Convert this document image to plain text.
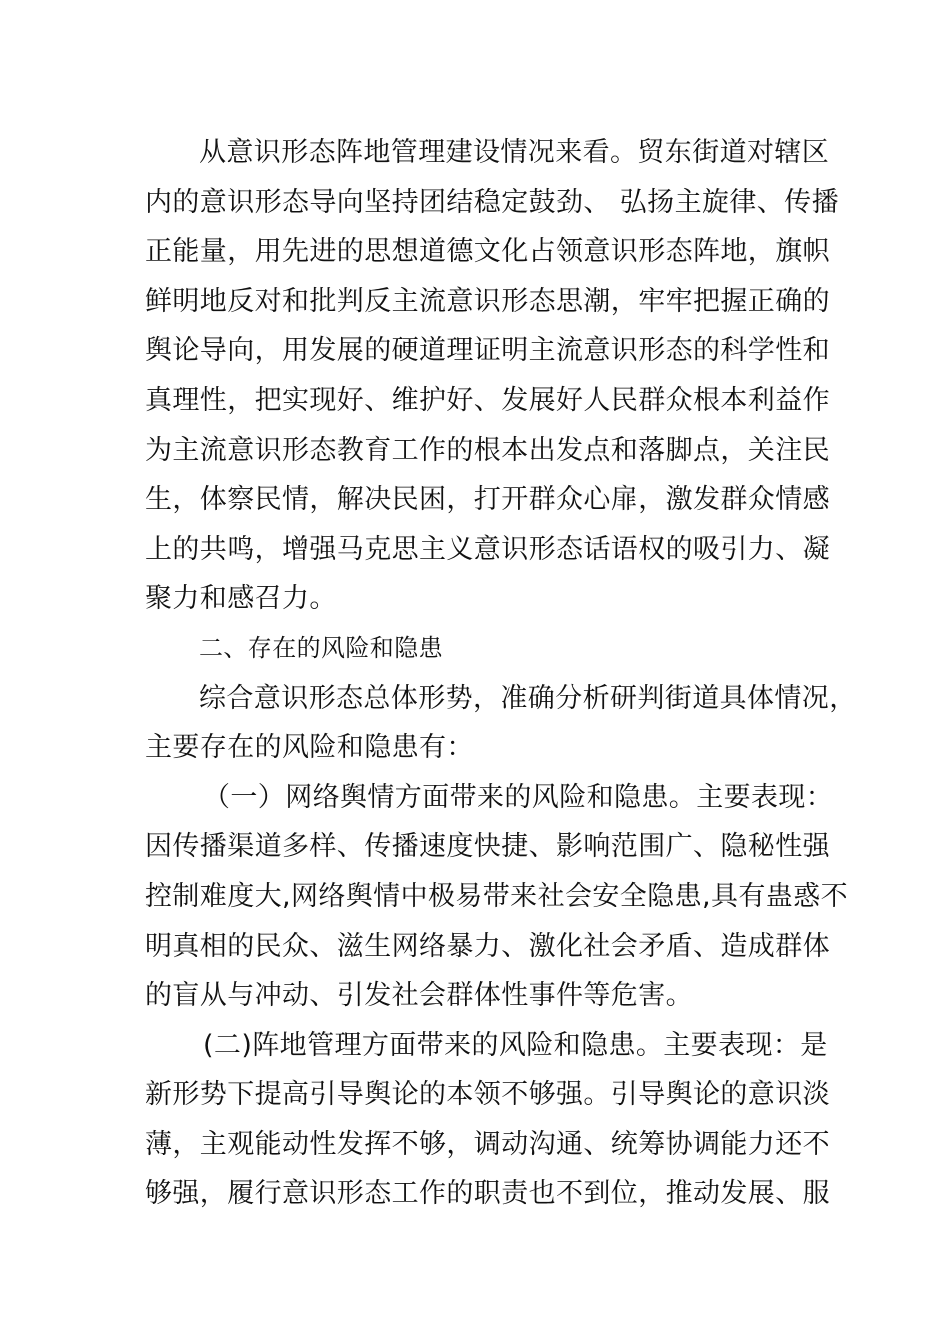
从意识形态阵地管理建设情况来看。贸东街道对辖区
内的意识形态导向坚持团结稳定鼓劲、 弘扬主旋律、传播
正能量，用先进的思想道德文化占领意识形态阵地，旗帜
鲜明地反对和批判反主流意识形态思潮，牢牢把握正确的
舆论导向，用发展的硬道理证明主流意识形态的科学性和
真理性，把实现好、维护好、发展好人民群众根本利益作
为主流意识形态教育工作的根本出发点和落脚点，关注民
生，体察民情，解决民困，打开群众心扉，激发群众情感
上的共鸣，增强马克思主义意识形态话语权的吸引力、凝
聚力和感召力。
二、存在的风险和隐患
综合意识形态总体形势，准确分析研判街道具体情况，
主要存在的风险和隐患有：
（一）网络舆情方面带来的风险和隐患。主要表现：
因传播渠道多样、传播速度快捷、影响范围广、隐秘性强
控制难度大,网络舆情中极易带来社会安全隐患,具有蛊惑不
明真相的民众、滋生网络暴力、激化社会矛盾、造成群体
的盲从与冲动、引发社会群体性事件等危害。
(二)阵地管理方面带来的风险和隐患。主要表现：是
新形势下提高引导舆论的本领不够强。引导舆论的意识淡
薄，主观能动性发挥不够，调动沟通、统筹协调能力还不
够强，履行意识形态工作的职责也不到位，推动发展、服
